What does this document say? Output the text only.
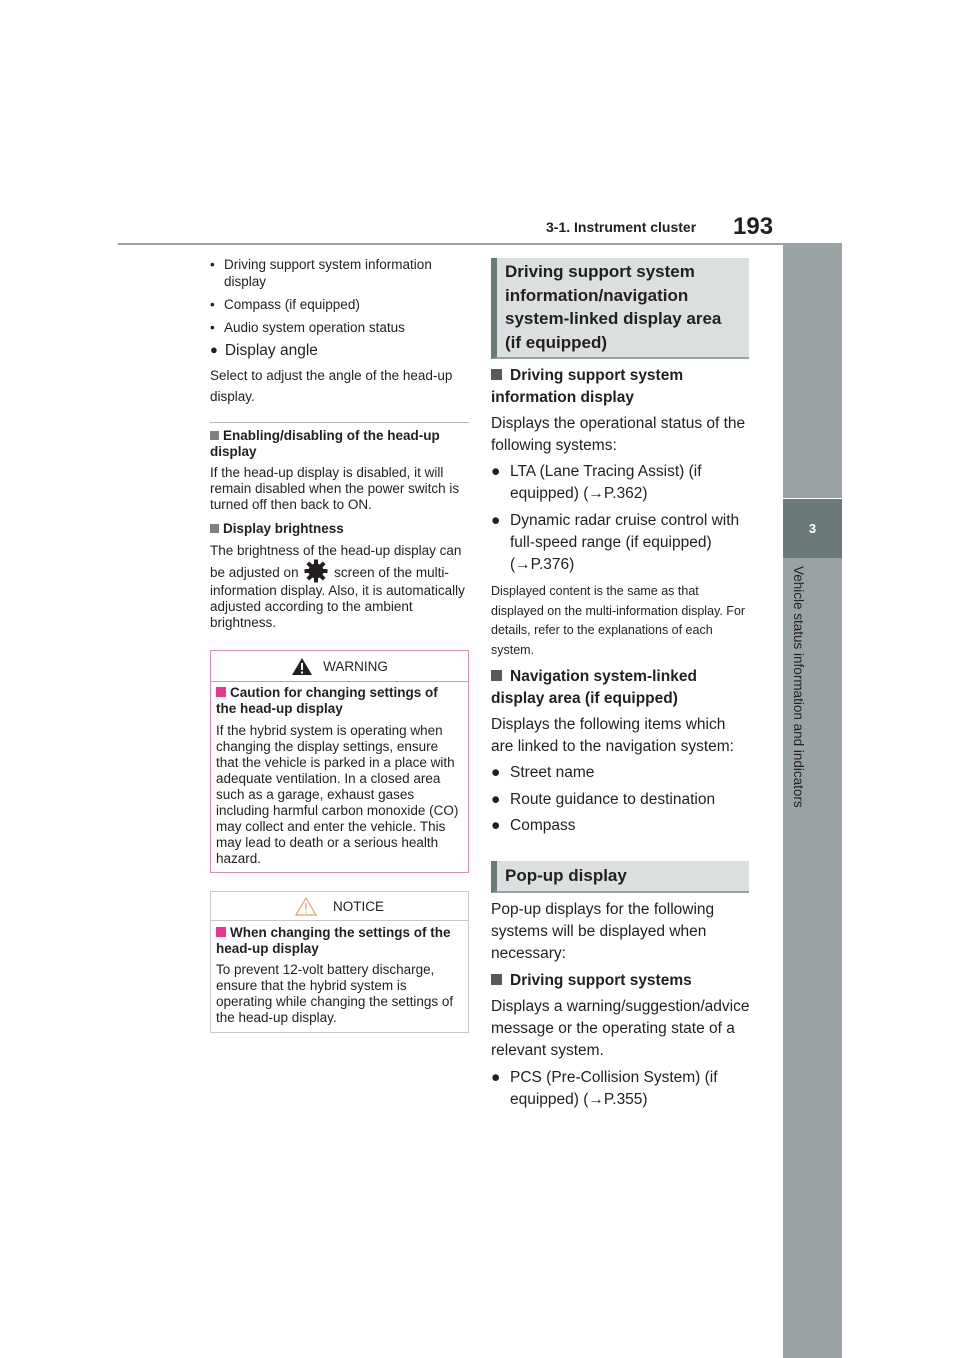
3-1. Instrument cluster 193
3
Vehicle status information and indicators
• Driving support system information display
• Compass (if equipped)
• Audio system operation status
● Display angle
Select to adjust the angle of the head-up display.
Enabling/disabling of the head-up display
If the head-up display is disabled, it will remain disabled when the power switch is turned off then back to ON.
Display brightness
The brightness of the head-up display can be adjusted on	screen of the multi-information display. Also, it is automatically adjusted according to the ambient brightness.
WARNING
Caution for changing settings of the head-up display
If the hybrid system is operating when changing the display settings, ensure that the vehicle is parked in a place with adequate ventilation. In a closed area such as a garage, exhaust gases including harmful carbon monoxide (CO) may collect and enter the vehicle. This may lead to death or a serious health hazard.
NOTICE
When changing the settings of the head-up display
To prevent 12-volt battery discharge, ensure that the hybrid system is operating while changing the settings of the head-up display.
Driving support system information/navigation system-linked display area (if equipped)
Driving support system information display
Displays the operational status of the following systems:
● LTA (Lane Tracing Assist) (if equipped) (→P.362)
● Dynamic radar cruise control with full-speed range (if equipped) (→P.376)
Displayed content is the same as that displayed on the multi-information display. For details, refer to the explanations of each system.
Navigation system-linked display area (if equipped)
Displays the following items which are linked to the navigation system:
● Street name
● Route guidance to destination
● Compass
Pop-up display
Pop-up displays for the following systems will be displayed when necessary:
Driving support systems
Displays a warning/suggestion/advice message or the operating state of a relevant system.
● PCS (Pre-Collision System) (if equipped) (→P.355)
